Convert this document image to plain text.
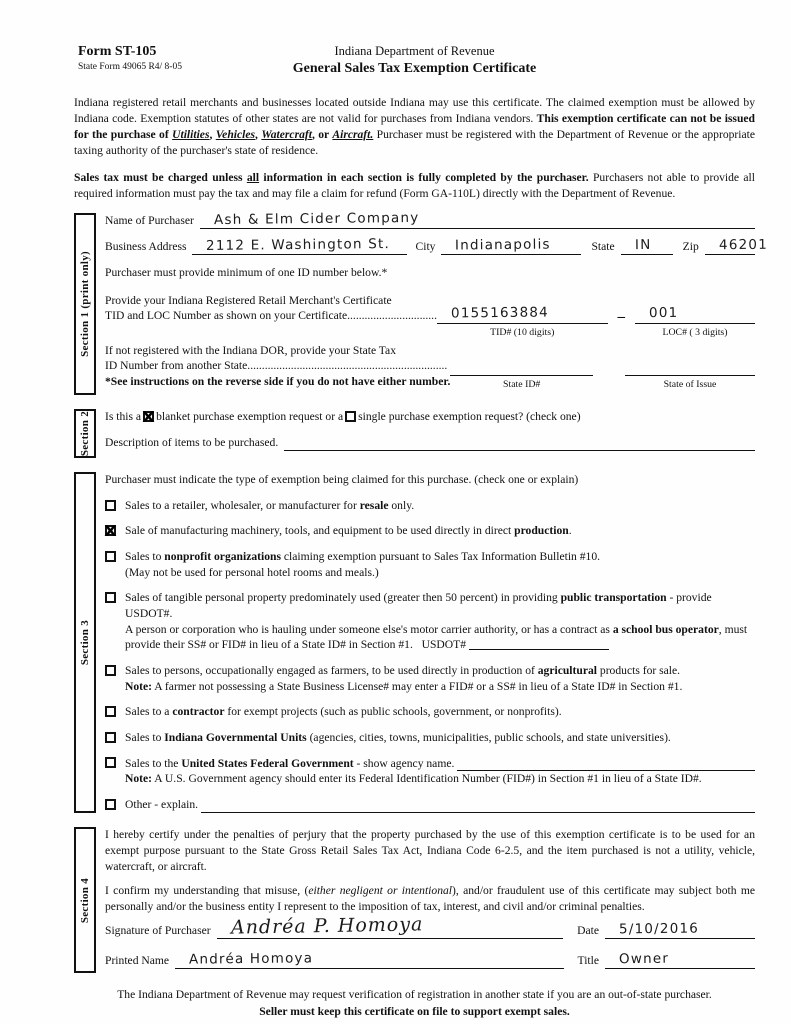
Form ST-105
State Form 49065 R4/ 8-05
Indiana Department of Revenue
General Sales Tax Exemption Certificate

Indiana registered retail merchants and businesses located outside Indiana may use this certificate. The claimed exemption must be allowed by Indiana code. Exemption statutes of other states are not valid for purchases from Indiana vendors. This exemption certificate can not be issued for the purchase of Utilities, Vehicles, Watercraft, or Aircraft. Purchaser must be registered with the Department of Revenue or the appropriate taxing authority of the purchaser's state of residence.

Sales tax must be charged unless all information in each section is fully completed by the purchaser. Purchasers not able to provide all required information must pay the tax and may file a claim for refund (Form GA-110L) directly with the Department of Revenue.

Section 1 (print only)
Name of Purchaser	Ash & Elm Cider Company
Business Address	2112 E. Washington St.	City	Indianapolis	State	IN	Zip	46201
Purchaser must provide minimum of one ID number below.*
Provide your Indiana Registered Retail Merchant's Certificate
TID and LOC Number as shown on your Certificate............................... 0155163884
TID# (10 digits)
–	001
LOC# ( 3 digits)
If not registered with the Indiana DOR, provide your State Tax
ID Number from another State.....................................................................
*See instructions on the reverse side if you do not have either number.	State ID#	State of Issue
Section 2 Is this a X blanket purchase exemption request or a single purchase exemption request? (check one)
Description of items to be purchased.
Section 3
Purchaser must indicate the type of exemption being claimed for this purchase. (check one or explain)
Sales to a retailer, wholesaler, or manufacturer for resale only.
X
Sale of manufacturing machinery, tools, and equipment to be used directly in direct production.
Sales to nonprofit organizations claiming exemption pursuant to Sales Tax Information Bulletin #10.
(May not be used for personal hotel rooms and meals.)
Sales of tangible personal property predominately used (greater then 50 percent) in providing public transportation - provide USDOT#.
A person or corporation who is hauling under someone else's motor carrier authority, or has a contract as a school bus operator, must
provide their SS# or FID# in lieu of a State ID# in Section #1. USDOT#
Sales to persons, occupationally engaged as farmers, to be used directly in production of agricultural products for sale.
Note: A farmer not possessing a State Business License# may enter a FID# or a SS# in lieu of a State ID# in Section #1.
Sales to a contractor for exempt projects (such as public schools, government, or nonprofits).
Sales to Indiana Governmental Units (agencies, cities, towns, municipalities, public schools, and state universities).
Sales to the United States Federal Government - show agency name.

Note: A U.S. Government agency should enter its Federal Identification Number (FID#) in Section #1 in lieu of a State ID#.
Other - explain.

Section 4

I hereby certify under the penalties of perjury that the property purchased by the use of this exemption certificate is to be used for an exempt purpose pursuant to the State Gross Retail Sales Tax Act, Indiana Code 6-2.5, and the item purchased is not a utility, vehicle, watercraft, or aircraft.

I confirm my understanding that misuse, (either negligent or intentional), and/or fraudulent use of this certificate may subject both me personally and/or the business entity I represent to the imposition of tax, interest, and civil and/or criminal penalties.

Signature of Purchaser	Andréa P. Homoya	Date	5/10/2016
Printed Name	Andréa Homoya	Title	Owner
The Indiana Department of Revenue may request verification of registration in another state if you are an out-of-state purchaser.
Seller must keep this certificate on file to support exempt sales.
